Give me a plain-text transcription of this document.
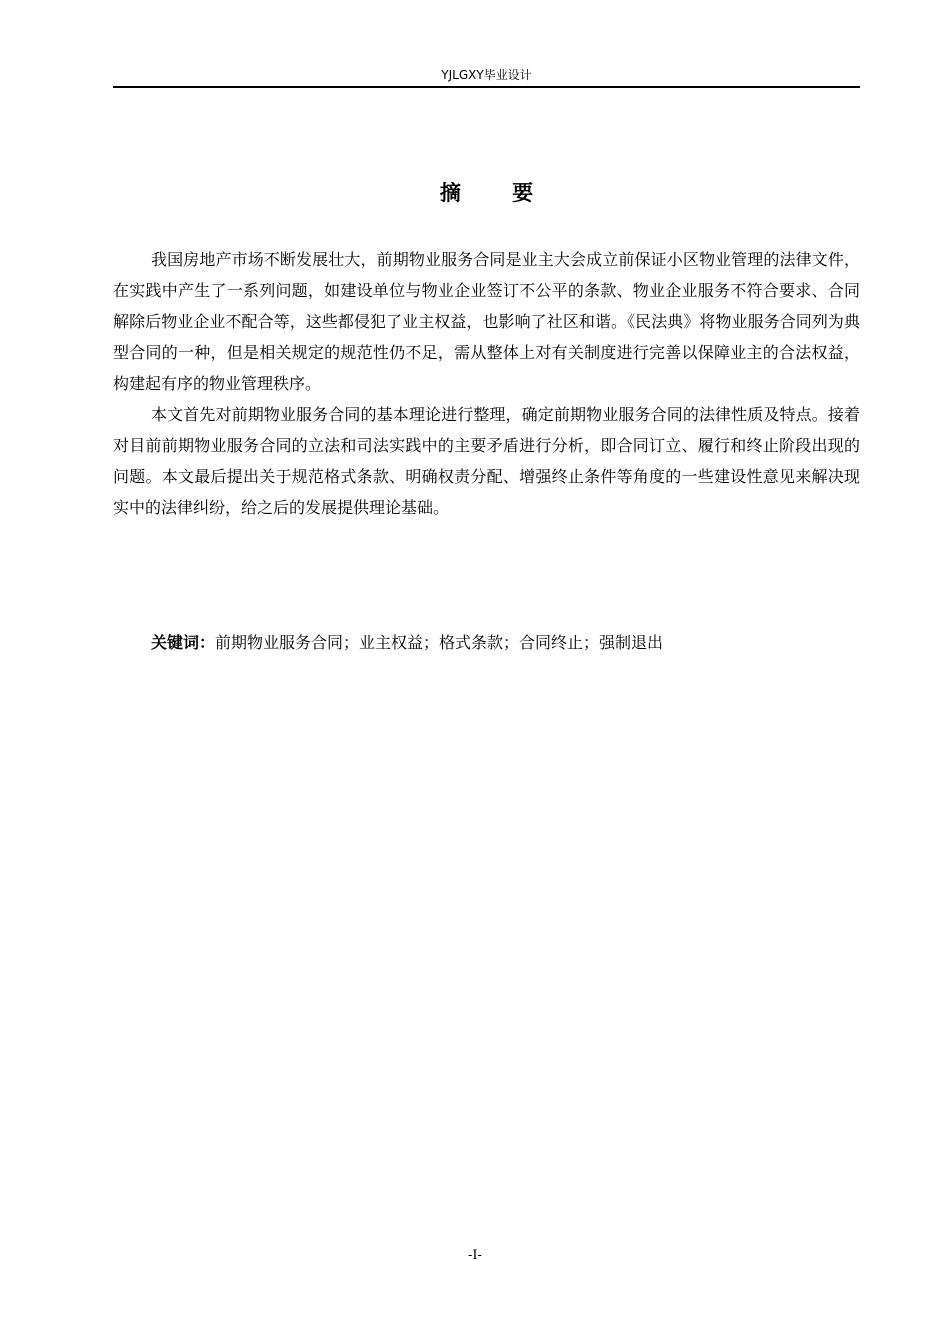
YJLGXY毕业设计
摘 要

我国房地产市场不断发展壮大，前期物业服务合同是业主大会成立前保证小区物业管理的法律文件，在实践中产生了一系列问题，如建设单位与物业企业签订不公平的条款、物业企业服务不符合要求、合同解除后物业企业不配合等，这些都侵犯了业主权益，也影响了社区和谐。《民法典》将物业服务合同列为典型合同的一种，但是相关规定的规范性仍不足，需从整体上对有关制度进行完善以保障业主的合法权益，构建起有序的物业管理秩序。

本文首先对前期物业服务合同的基本理论进行整理，确定前期物业服务合同的法律性质及特点。接着对目前前期物业服务合同的立法和司法实践中的主要矛盾进行分析，即合同订立、履行和终止阶段出现的问题。本文最后提出关于规范格式条款、明确权责分配、增强终止条件等角度的一些建设性意见来解决现实中的法律纠纷，给之后的发展提供理论基础。

关键词：前期物业服务合同；业主权益；格式条款；合同终止；强制退出
-I-
